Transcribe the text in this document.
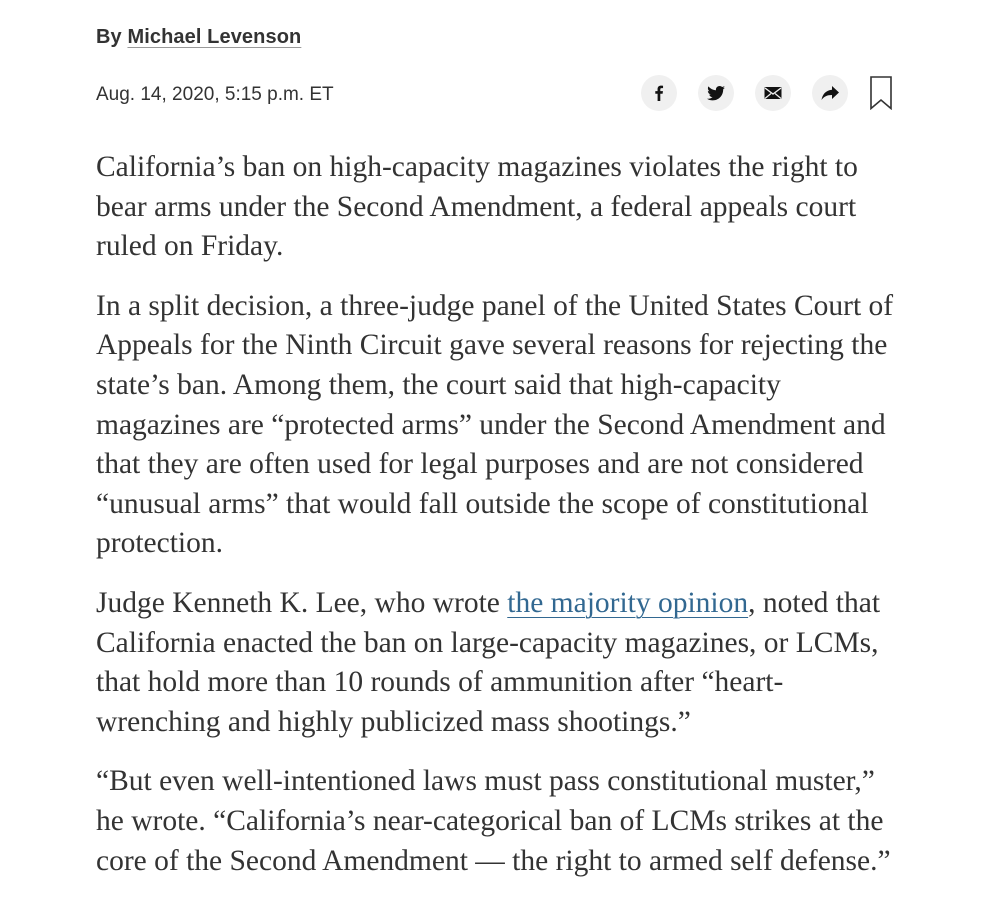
By Michael Levenson
Aug. 14, 2020, 5:15 p.m. ET

California’s ban on high-capacity magazines violates the right to bear arms under the Second Amendment, a federal appeals court ruled on Friday.

In a split decision, a three-judge panel of the United States Court of Appeals for the Ninth Circuit gave several reasons for rejecting the state’s ban. Among them, the court said that high-capacity magazines are “protected arms” under the Second Amendment and that they are often used for legal purposes and are not considered “unusual arms” that would fall outside the scope of constitutional protection.

Judge Kenneth K. Lee, who wrote the majority opinion, noted that California enacted the ban on large-capacity magazines, or LCMs, that hold more than 10 rounds of ammunition after “heart-wrenching and highly publicized mass shootings.”

“But even well-intentioned laws must pass constitutional muster,” he wrote. “California’s near-categorical ban of LCMs strikes at the core of the Second Amendment — the right to armed self defense.”
